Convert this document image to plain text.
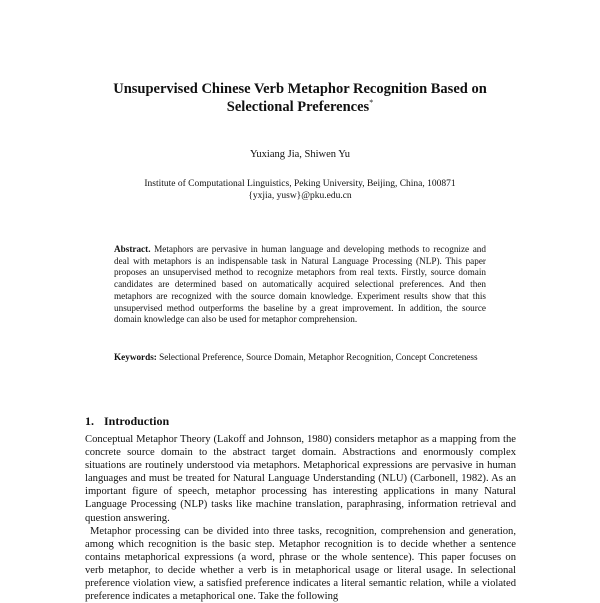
Unsupervised Chinese Verb Metaphor Recognition Based on
Selectional Preferences*
Yuxiang Jia, Shiwen Yu
Institute of Computational Linguistics, Peking University, Beijing, China, 100871
{yxjia, yusw}@pku.edu.cn
Abstract. Metaphors are pervasive in human language and developing methods to recognize and deal with metaphors is an indispensable task in Natural Language Processing (NLP). This paper proposes an unsupervised method to recognize metaphors from real texts. Firstly, source domain candidates are determined based on automatically acquired selectional preferences. And then metaphors are recognized with the source domain knowledge. Experiment results show that this unsupervised method outperforms the baseline by a great improvement. In addition, the source domain knowledge can also be used for metaphor comprehension.
Keywords: Selectional Preference, Source Domain, Metaphor Recognition, Concept Concreteness
1. Introduction

Conceptual Metaphor Theory (Lakoff and Johnson, 1980) considers metaphor as a mapping from the concrete source domain to the abstract target domain. Abstractions and enormously complex situations are routinely understood via metaphors. Metaphorical expressions are pervasive in human languages and must be treated for Natural Language Understanding (NLU) (Carbonell, 1982). As an important figure of speech, metaphor processing has interesting applications in many Natural Language Processing (NLP) tasks like machine translation, paraphrasing, information retrieval and question answering.

Metaphor processing can be divided into three tasks, recognition, comprehension and generation, among which recognition is the basic step. Metaphor recognition is to decide whether a sentence contains metaphorical expressions (a word, phrase or the whole sentence). This paper focuses on verb metaphor, to decide whether a verb is in metaphorical usage or literal usage. In selectional preference violation view, a satisfied preference indicates a literal semantic relation, while a violated preference indicates a metaphorical one. Take the following
